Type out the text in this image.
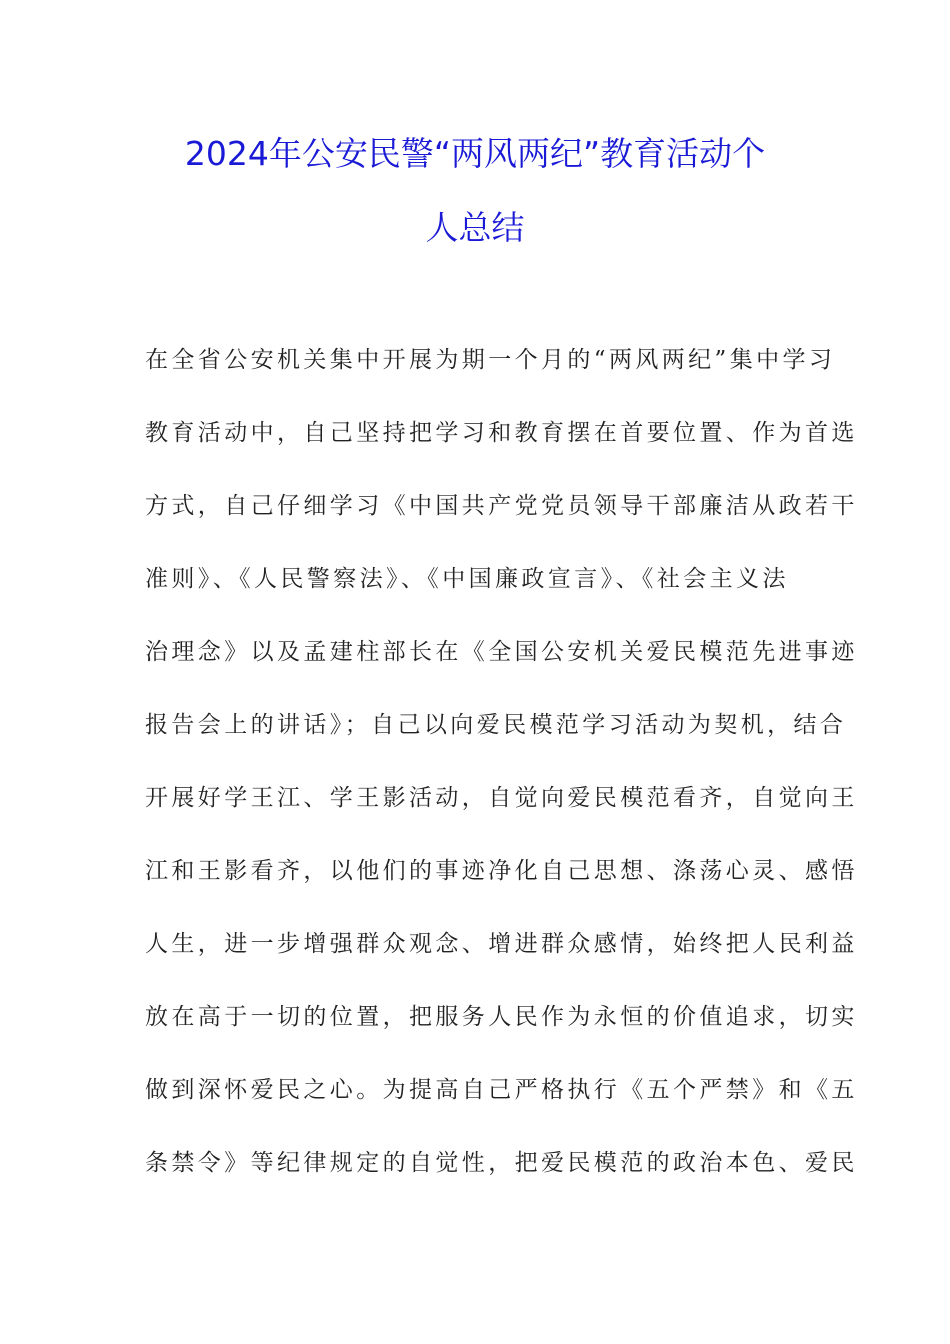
2024年公安民警“两风两纪”教育活动个
人总结
在全省公安机关集中开展为期一个月的“两风两纪”集中学习
教育活动中，自己坚持把学习和教育摆在首要位置、作为首选
方式，自己仔细学习《中国共产党党员领导干部廉洁从政若干
准则》、《人民警察法》、《中国廉政宣言》、《社会主义法
治理念》以及孟建柱部长在《全国公安机关爱民模范先进事迹
报告会上的讲话》；自己以向爱民模范学习活动为契机，结合
开展好学王江、学王影活动，自觉向爱民模范看齐，自觉向王
江和王影看齐，以他们的事迹净化自己思想、涤荡心灵、感悟
人生，进一步增强群众观念、增进群众感情，始终把人民利益
放在高于一切的位置，把服务人民作为永恒的价值追求，切实
做到深怀爱民之心。为提高自己严格执行《五个严禁》和《五
条禁令》等纪律规定的自觉性，把爱民模范的政治本色、爱民
